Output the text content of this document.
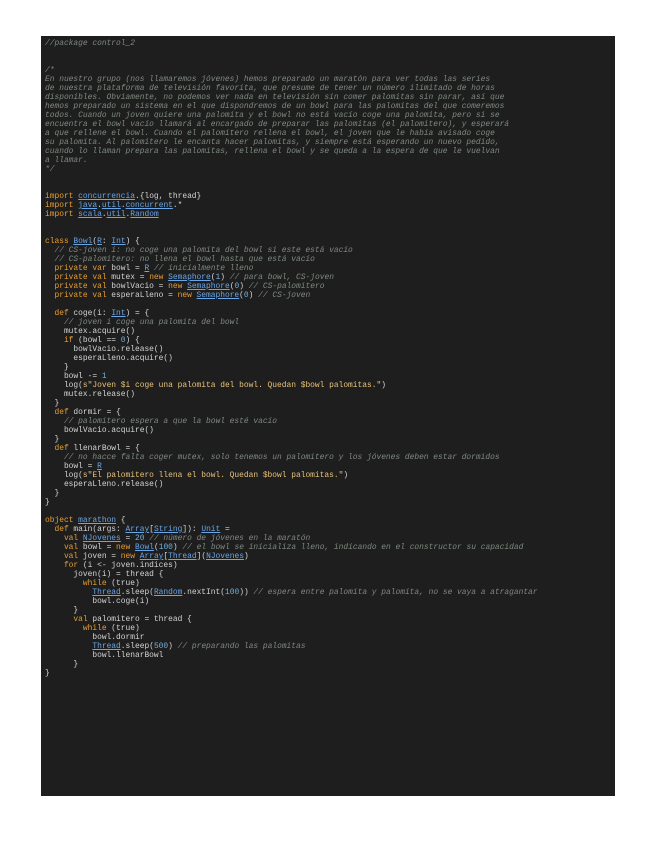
//package control_2
/*
En nuestro grupo (nos llamaremos jóvenes) hemos preparado un maratón para ver todas las series
de nuestra plataforma de televisión favorita, que presume de tener un número ilimitado de horas
disponibles. Obviamente, no podemos ver nada en televisión sin comer palomitas sin parar, así que
hemos preparado un sistema en el que dispondremos de un bowl para las palomitas del que comeremos
todos. Cuando un joven quiere una palomita y el bowl no está vacío coge una palomita, pero si se
encuentra el bowl vacío llamará al encargado de preparar las palomitas (el palomitero), y esperará
a que rellene el bowl. Cuando el palomitero rellena el bowl, el joven que le había avisado coge
su palomita. Al palomitero le encanta hacer palomitas, y siempre está esperando un nuevo pedido,
cuando lo llaman prepara las palomitas, rellena el bowl y se queda a la espera de que le vuelvan
a llamar.
*/
import concurrencia.{log, thread}
import java.util.concurrent.*
import scala.util.Random
class Bowl(R: Int) {
// CS-joven i: no coge una palomita del bowl si este está vacío
// CS-palomitero: no llena el bowl hasta que está vacío
private var bowl = R // inicialmente lleno
private val mutex = new Semaphore(1) // para bowl, CS-joven
private val bowlVacio = new Semaphore(0) // CS-palomitero
private val esperaLleno = new Semaphore(0) // CS-joven
def coge(i: Int) = {
// joven i coge una palomita del bowl
mutex.acquire()
if (bowl == 0) {
bowlVacio.release()
esperaLleno.acquire()
}
bowl -= 1
log(s"Joven $i coge una palomita del bowl. Quedan $bowl palomitas.")
mutex.release()
}
def dormir = {
// palomitero espera a que la bowl esté vacío
bowlVacio.acquire()
}
def llenarBowl = {
// no hacce falta coger mutex, solo tenemos un palomitero y los jóvenes deben estar dormidos
bowl = R
log(s"El palomitero llena el bowl. Quedan $bowl palomitas.")
esperaLleno.release()
}
}
object marathon {
def main(args: Array[String]): Unit =
val NJovenes = 20 // número de jóvenes en la maratón
val bowl = new Bowl(100) // el bowl se inicializa lleno, indicando en el constructor su capacidad
val joven = new Array[Thread](NJovenes)
for (i <- joven.indices)
joven(i) = thread {
while (true)
Thread.sleep(Random.nextInt(100)) // espera entre palomita y palomita, no se vaya a atragantar
bowl.coge(i)
}
val palomitero = thread {
while (true)
bowl.dormir
Thread.sleep(500) // preparando las palomitas
bowl.llenarBowl
}
}
